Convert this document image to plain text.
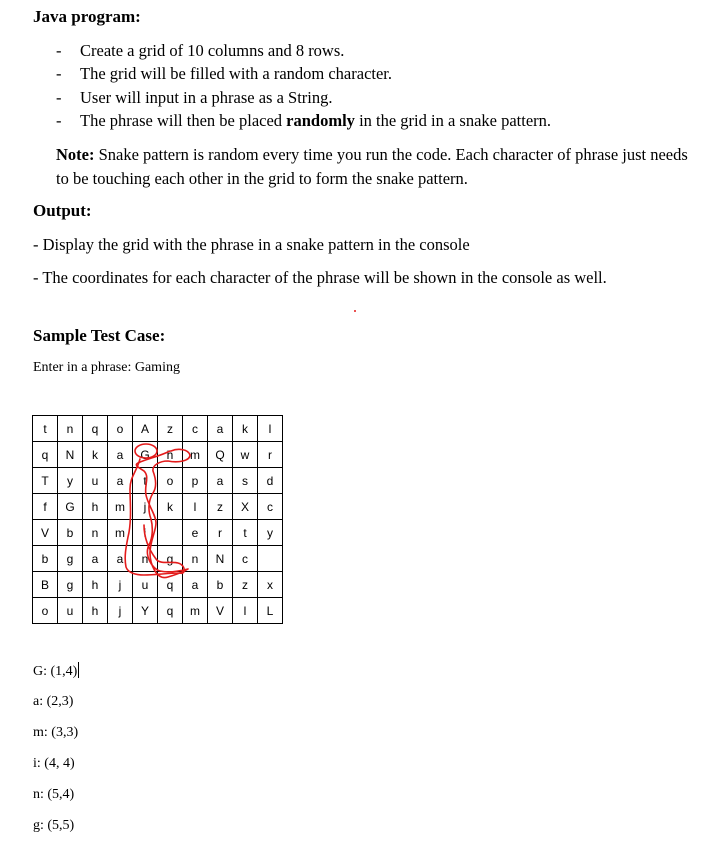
Java program:
- Create a grid of 10 columns and 8 rows.
- The grid will be filled with a random character.
- User will input in a phrase as a String.
- The phrase will then be placed randomly in the grid in a snake pattern.
Note: Snake pattern is random every time you run the code. Each character of phrase just needs to be touching each other in the grid to form the snake pattern.
Output:
- Display the grid with the phrase in a snake pattern in the console
- The coordinates for each character of the phrase will be shown in the console as well.
Sample Test Case:
Enter in a phrase: Gaming
t	n	q	o	A	z	c	a	k	l
q	N	k	a	G	h	m	Q	w	r
T	y	u	a	t	o	p	a	s	d
f	G	h	m	j	k	l	z	X	c
V	b	n	m	i		e	r	t	y
b	g	a	a	n	g	n	N	c	
B	g	h	j	u	q	a	b	z	x
o	u	h	j	Y	q	m	V	l	L
G: (1,4)
a: (2,3)
m: (3,3)
i: (4, 4)
n: (5,4)
g: (5,5)
